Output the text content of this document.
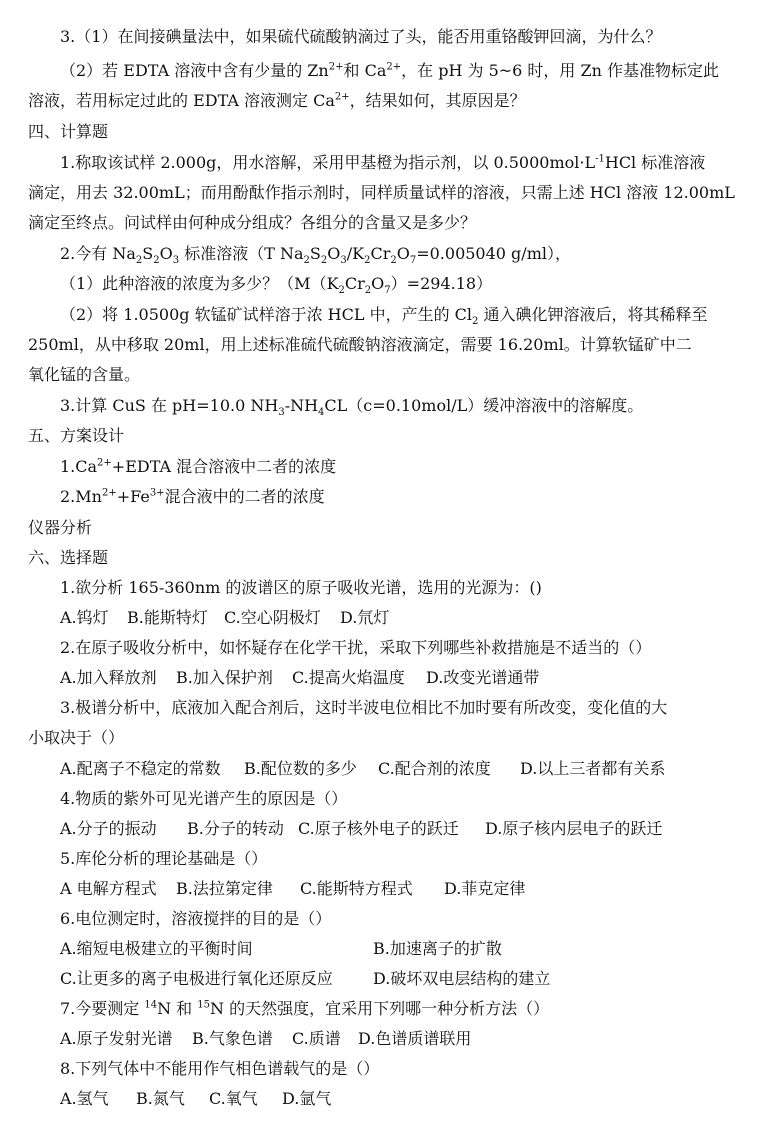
3.（1）在间接碘量法中，如果硫代硫酸钠滴过了头，能否用重铬酸钾回滴，为什么？
（2）若 EDTA 溶液中含有少量的 $Zn^{2+}$和 $Ca^{2+}$，在 pH 为 5~6 时，用 Zn 作基准物标定此
溶液，若用标定过此的 EDTA 溶液测定 $Ca^{2+}$，结果如何，其原因是？
四、计算题
1.称取该试样 2.000g，用水溶解，采用甲基橙为指示剂，以 $0.5000mol\cdot L^{-1}HCl$ 标准溶液
滴定，用去 32.00mL；而用酚酞作指示剂时，同样质量试样的溶液，只需上述 HCl 溶液 12.00mL
滴定至终点。问试样由何种成分组成？各组分的含量又是多少？
2.今有 $Na_2S_2O_3$ 标准溶液（T $Na_2S_2O_3/K_2Cr_2O_7=0.005040$ g/ml），
（1）此种溶液的浓度为多少？$(M(K_2Cr_2O_7)=294.18)$
（2）将 1.0500g 软锰矿试样溶于浓 HCL 中，产生的 $Cl_2$ 通入碘化钾溶液后，将其稀释至
250ml，从中移取 20ml，用上述标准硫代硫酸钠溶液滴定，需要 16.20ml。计算软锰矿中二
氧化锰的含量。
3.计算 CuS 在 pH=10.0 $NH_3-NH_4CL(c=0.10mol/L)$缓冲溶液中的溶解度。
五、方案设计
$1.Ca^{2+}+EDTA$ 混合溶液中二者的浓度
$2.Mn^{2+}+Fe^{3+}$混合液中的二者的浓度
仪器分析
六、选择题
1.欲分析 165-360nm 的波谱区的原子吸收光谱，选用的光源为：()
A.钨灯 B.能斯特灯 C.空心阴极灯 D.氘灯
2.在原子吸收分析中，如怀疑存在化学干扰，采取下列哪些补救措施是不适当的（）
A.加入释放剂 B.加入保护剂 C.提高火焰温度 D.改变光谱通带
3.极谱分析中，底液加入配合剂后，这时半波电位相比不加时要有所改变，变化值的大
小取决于（）
A.配离子不稳定的常数 B.配位数的多少 C.配合剂的浓度 D.以上三者都有关系
4.物质的紫外可见光谱产生的原因是（）
A.分子的振动 B.分子的转动 C.原子核外电子的跃迁 D.原子核内层电子的跃迁
5.库伦分析的理论基础是（）
A 电解方程式 B.法拉第定律 C.能斯特方程式 D.菲克定律
6.电位测定时，溶液搅拌的目的是（）
A.缩短电极建立的平衡时间	B.加速离子的扩散
C.让更多的离子电极进行氧化还原反应	D.破坏双电层结构的建立
7.今要测定 $^{14}$N 和 $^{15}$N 的天然强度，宜采用下列哪一种分析方法（）
A.原子发射光谱 B.气象色谱 C.质谱 D.色谱质谱联用
8.下列气体中不能用作气相色谱载气的是（）
A.氢气 B.氮气 C.氧气 D.氩气
